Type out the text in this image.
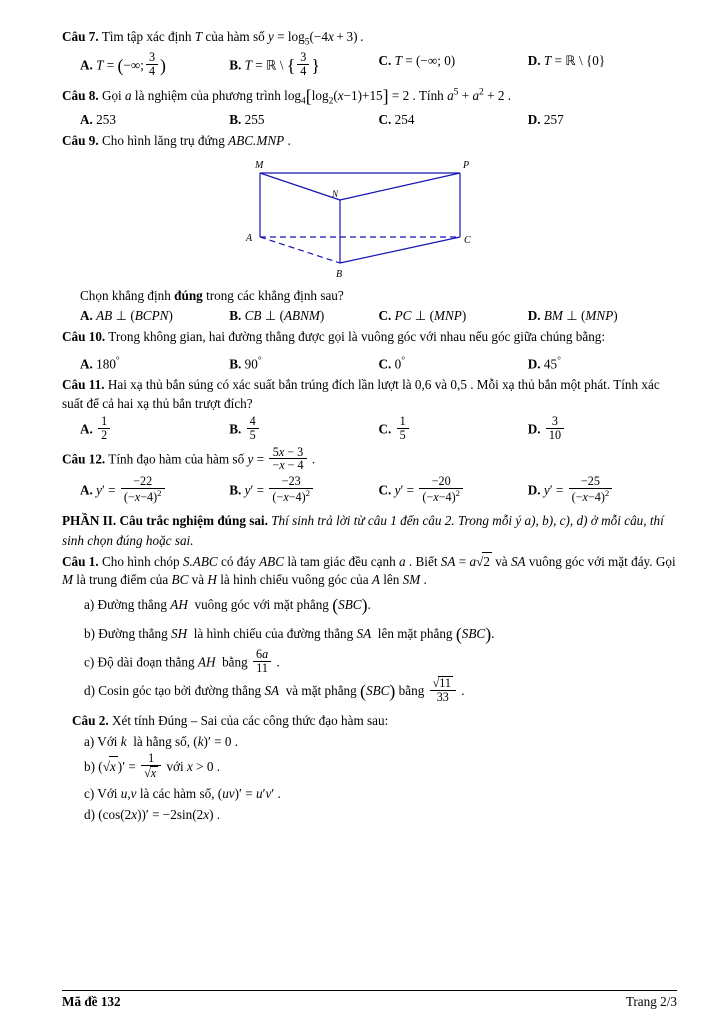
Câu 7. Tìm tập xác định T của hàm số $y = \log_5(-4x + 3)$ .

A. T = (−∞; $\frac{3}{4}$ )	B. T = ℝ \ { $\frac{3}{4}$ }	C. T = (−∞; 0)	D. T = ℝ \ {0}

Câu 8. Gọi a là nghiệm của phương trình $\log_4[\log_2(x-1)+15] = 2$ . Tính $a^5 + a^2 + 2$ .

A. 253	B. 255	C. 254	D. 257

Câu 9. Cho hình lăng trụ đứng ABC.MNP .

M	P
N
A	C
B

Chọn khẳng định đúng trong các khẳng định sau?

A. AB ⊥ (BCPN)	B. CB ⊥ (ABNM)	C. PC ⊥ (MNP)	D. BM ⊥ (MNP)

Câu 10. Trong không gian, hai đường thẳng được gọi là vuông góc với nhau nếu góc giữa chúng bằng:

A. 180°	B. 90°	C. 0°	D. 45°

Câu 11. Hai xạ thủ bắn súng có xác suất bắn trúng đích lần lượt là 0,6 và 0,5 . Mỗi xạ thủ bắn một phát. Tính xác suất để cả hai xạ thủ bắn trượt đích?

A. $\frac{1}{2}$	B. $\frac{4}{5}$	C. $\frac{1}{5}$	D. $\frac{3}{10}$

Câu 12. Tính đạo hàm của hàm số $y = \frac{5x - 3}{-x - 4}$ .

A. $y' = \frac{-22}{(-x-4)^2}$	B. $y' = \frac{-23}{(-x-4)^2}$	C. $y' = \frac{-20}{(-x-4)^2}$	D. $y' = \frac{-25}{(-x-4)^2}$

PHẦN II. Câu trắc nghiệm đúng sai. Thí sinh trả lời từ câu 1 đến câu 2. Trong mỗi ý a), b), c), d) ở mỗi câu, thí sinh chọn đúng hoặc sai.

Câu 1. Cho hình chóp S.ABC có đáy ABC là tam giác đều cạnh a . Biết SA = a√2 và SA vuông góc với mặt đáy. Gọi M là trung điểm của BC và H là hình chiếu vuông góc của A lên SM .

a) Đường thẳng AH  vuông góc với mặt phẳng (SBC).

b) Đường thẳng SH  là hình chiếu của đường thẳng SA  lên mặt phẳng (SBC).

c) Độ dài đoạn thẳng AH  bằng $\frac{6a}{11}$ .

d) Cosin góc tạo bởi đường thẳng SA  và mặt phẳng (SBC) bằng $\frac{√11}{33}$ .

Câu 2. Xét tính Đúng – Sai của các công thức đạo hàm sau:

a) Với k  là hằng số, (k)′ = 0 .

b) (√x )′ = $\frac{1}{√x}$ với x > 0 .

c) Với u,v là các hàm số, (uv)′ = u′v′ .

d) (cos(2x))′ = −2sin(2x) .

Mã đề 132	Trang 2/3
